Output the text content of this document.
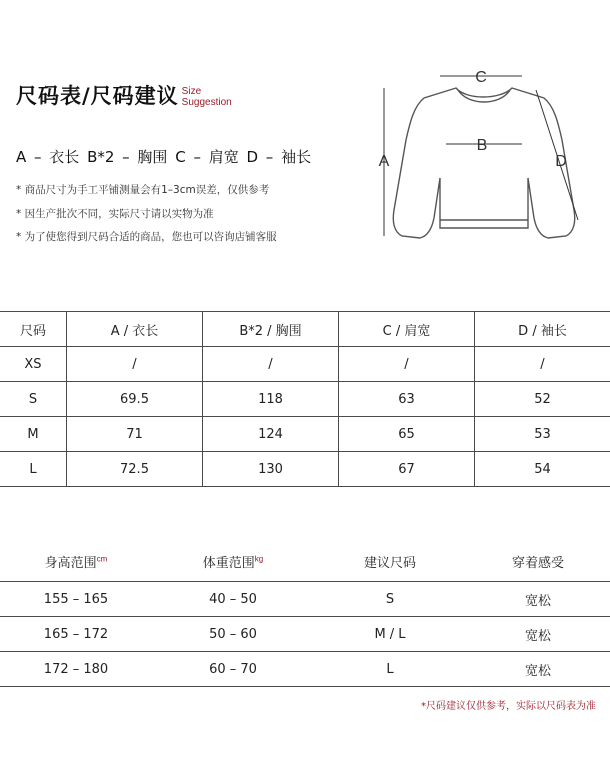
尺码表/尺码建议 Size
Suggestion
A – 衣长 B*2 – 胸围 C – 肩宽 D – 袖长
* 商品尺寸为手工平铺测量会有1–3cm误差，仅供参考
* 因生产批次不同，实际尺寸请以实物为准
* 为了使您得到尺码合适的商品，您也可以咨询店铺客服
C
B
A	D
尺码	A / 衣长	B*2 / 胸围	C / 肩宽	D / 袖长
XS	/	/	/	/
S	69.5	118	63	52
M	71	124	65	53
L	72.5	130	67	54
身高范围$^{cm}$	体重范围$^{kg}$	建议尺码	穿着感受
155 – 165	40 – 50	S	宽松
165 – 172	50 – 60	M / L	宽松
172 – 180	60 – 70	L	宽松
*尺码建议仅供参考，实际以尺码表为准
